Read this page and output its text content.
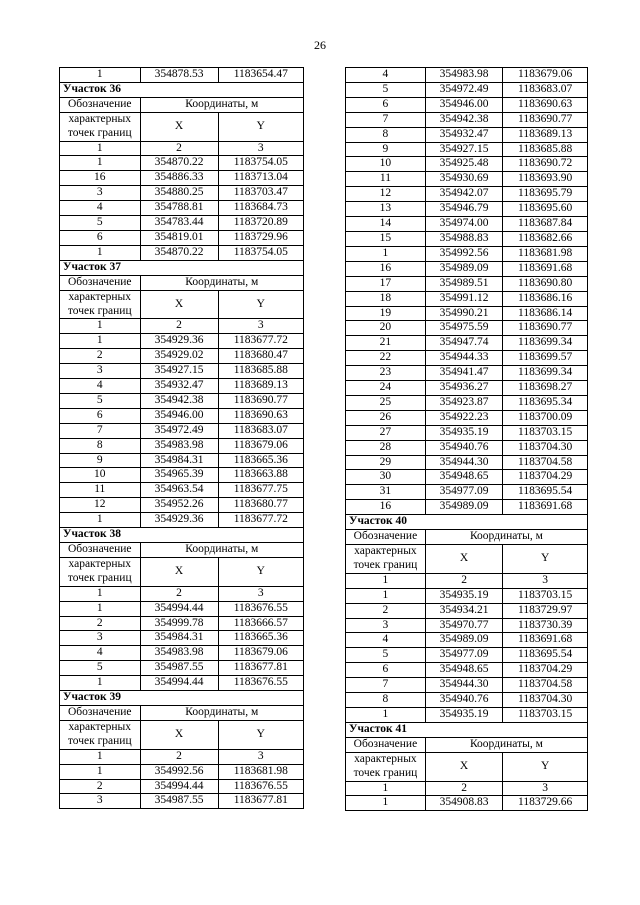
26
1	354878.53	1183654.47
Участок 36		
Обозначение	Координаты, м	
характерных
точек границ	X	Y

1	2	3
1	354870.22	1183754.05
16	354886.33	1183713.04
3	354880.25	1183703.47
4	354788.81	1183684.73
5	354783.44	1183720.89
6	354819.01	1183729.96
1	354870.22	1183754.05
Участок 37		
Обозначение	Координаты, м	
характерных
точек границ	X	Y

1	2	3
1	354929.36	1183677.72
2	354929.02	1183680.47
3	354927.15	1183685.88
4	354932.47	1183689.13
5	354942.38	1183690.77
6	354946.00	1183690.63
7	354972.49	1183683.07
8	354983.98	1183679.06
9	354984.31	1183665.36
10	354965.39	1183663.88
11	354963.54	1183677.75
12	354952.26	1183680.77
1	354929.36	1183677.72
Участок 38		
Обозначение	Координаты, м	
характерных
точек границ	X	Y

1	2	3
1	354994.44	1183676.55
2	354999.78	1183666.57
3	354984.31	1183665.36
4	354983.98	1183679.06
5	354987.55	1183677.81
1	354994.44	1183676.55
Участок 39		
Обозначение	Координаты, м	
характерных
точек границ	X	Y

1	2	3
1	354992.56	1183681.98
2	354994.44	1183676.55
3	354987.55	1183677.81
4	354983.98	1183679.06
5	354972.49	1183683.07
6	354946.00	1183690.63
7	354942.38	1183690.77
8	354932.47	1183689.13
9	354927.15	1183685.88
10	354925.48	1183690.72
11	354930.69	1183693.90
12	354942.07	1183695.79
13	354946.79	1183695.60
14	354974.00	1183687.84
15	354988.83	1183682.66
1	354992.56	1183681.98
16	354989.09	1183691.68
17	354989.51	1183690.80
18	354991.12	1183686.16
19	354990.21	1183686.14
20	354975.59	1183690.77
21	354947.74	1183699.34
22	354944.33	1183699.57
23	354941.47	1183699.34
24	354936.27	1183698.27
25	354923.87	1183695.34
26	354922.23	1183700.09
27	354935.19	1183703.15
28	354940.76	1183704.30
29	354944.30	1183704.58
30	354948.65	1183704.29
31	354977.09	1183695.54
16	354989.09	1183691.68
Участок 40		
Обозначение	Координаты, м	
характерных
точек границ	X	Y

1	2	3
1	354935.19	1183703.15
2	354934.21	1183729.97
3	354970.77	1183730.39
4	354989.09	1183691.68
5	354977.09	1183695.54
6	354948.65	1183704.29
7	354944.30	1183704.58
8	354940.76	1183704.30
1	354935.19	1183703.15
Участок 41		
Обозначение	Координаты, м	
характерных
точек границ	X	Y

1	2	3
1	354908.83	1183729.66
